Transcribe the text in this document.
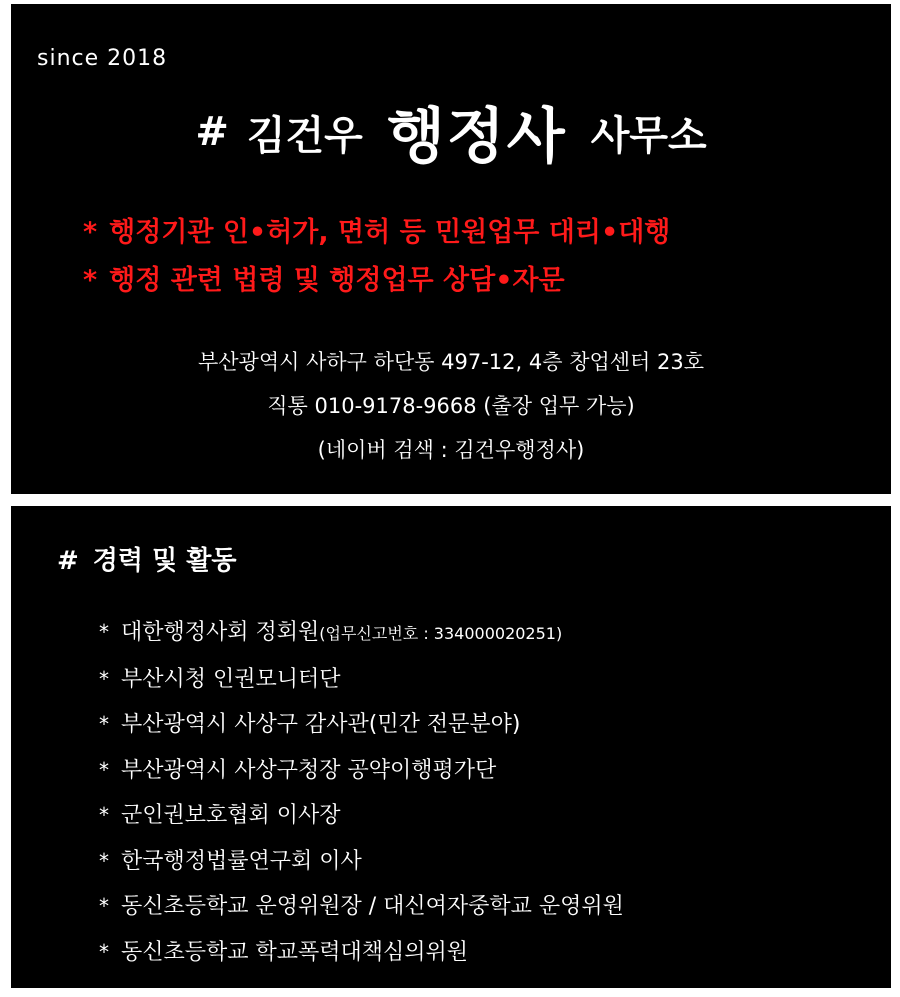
since 2018
# 김건우 행정사 사무소
* 행정기관 인•허가, 면허 등 민원업무 대리•대행
* 행정 관련 법령 및 행정업무 상담•자문
부산광역시 사하구 하단동 497-12, 4층 창업센터 23호
직통 010-9178-9668 (출장 업무 가능)
(네이버 검색 : 김건우행정사)
# 경력 및 활동
* 대한행정사회 정회원(업무신고번호 : 334000020251)
* 부산시청 인권모니터단
* 부산광역시 사상구 감사관(민간 전문분야)
* 부산광역시 사상구청장 공약이행평가단
* 군인권보호협회 이사장
* 한국행정법률연구회 이사
* 동신초등학교 운영위원장 / 대신여자중학교 운영위원
* 동신초등학교 학교폭력대책심의위원
